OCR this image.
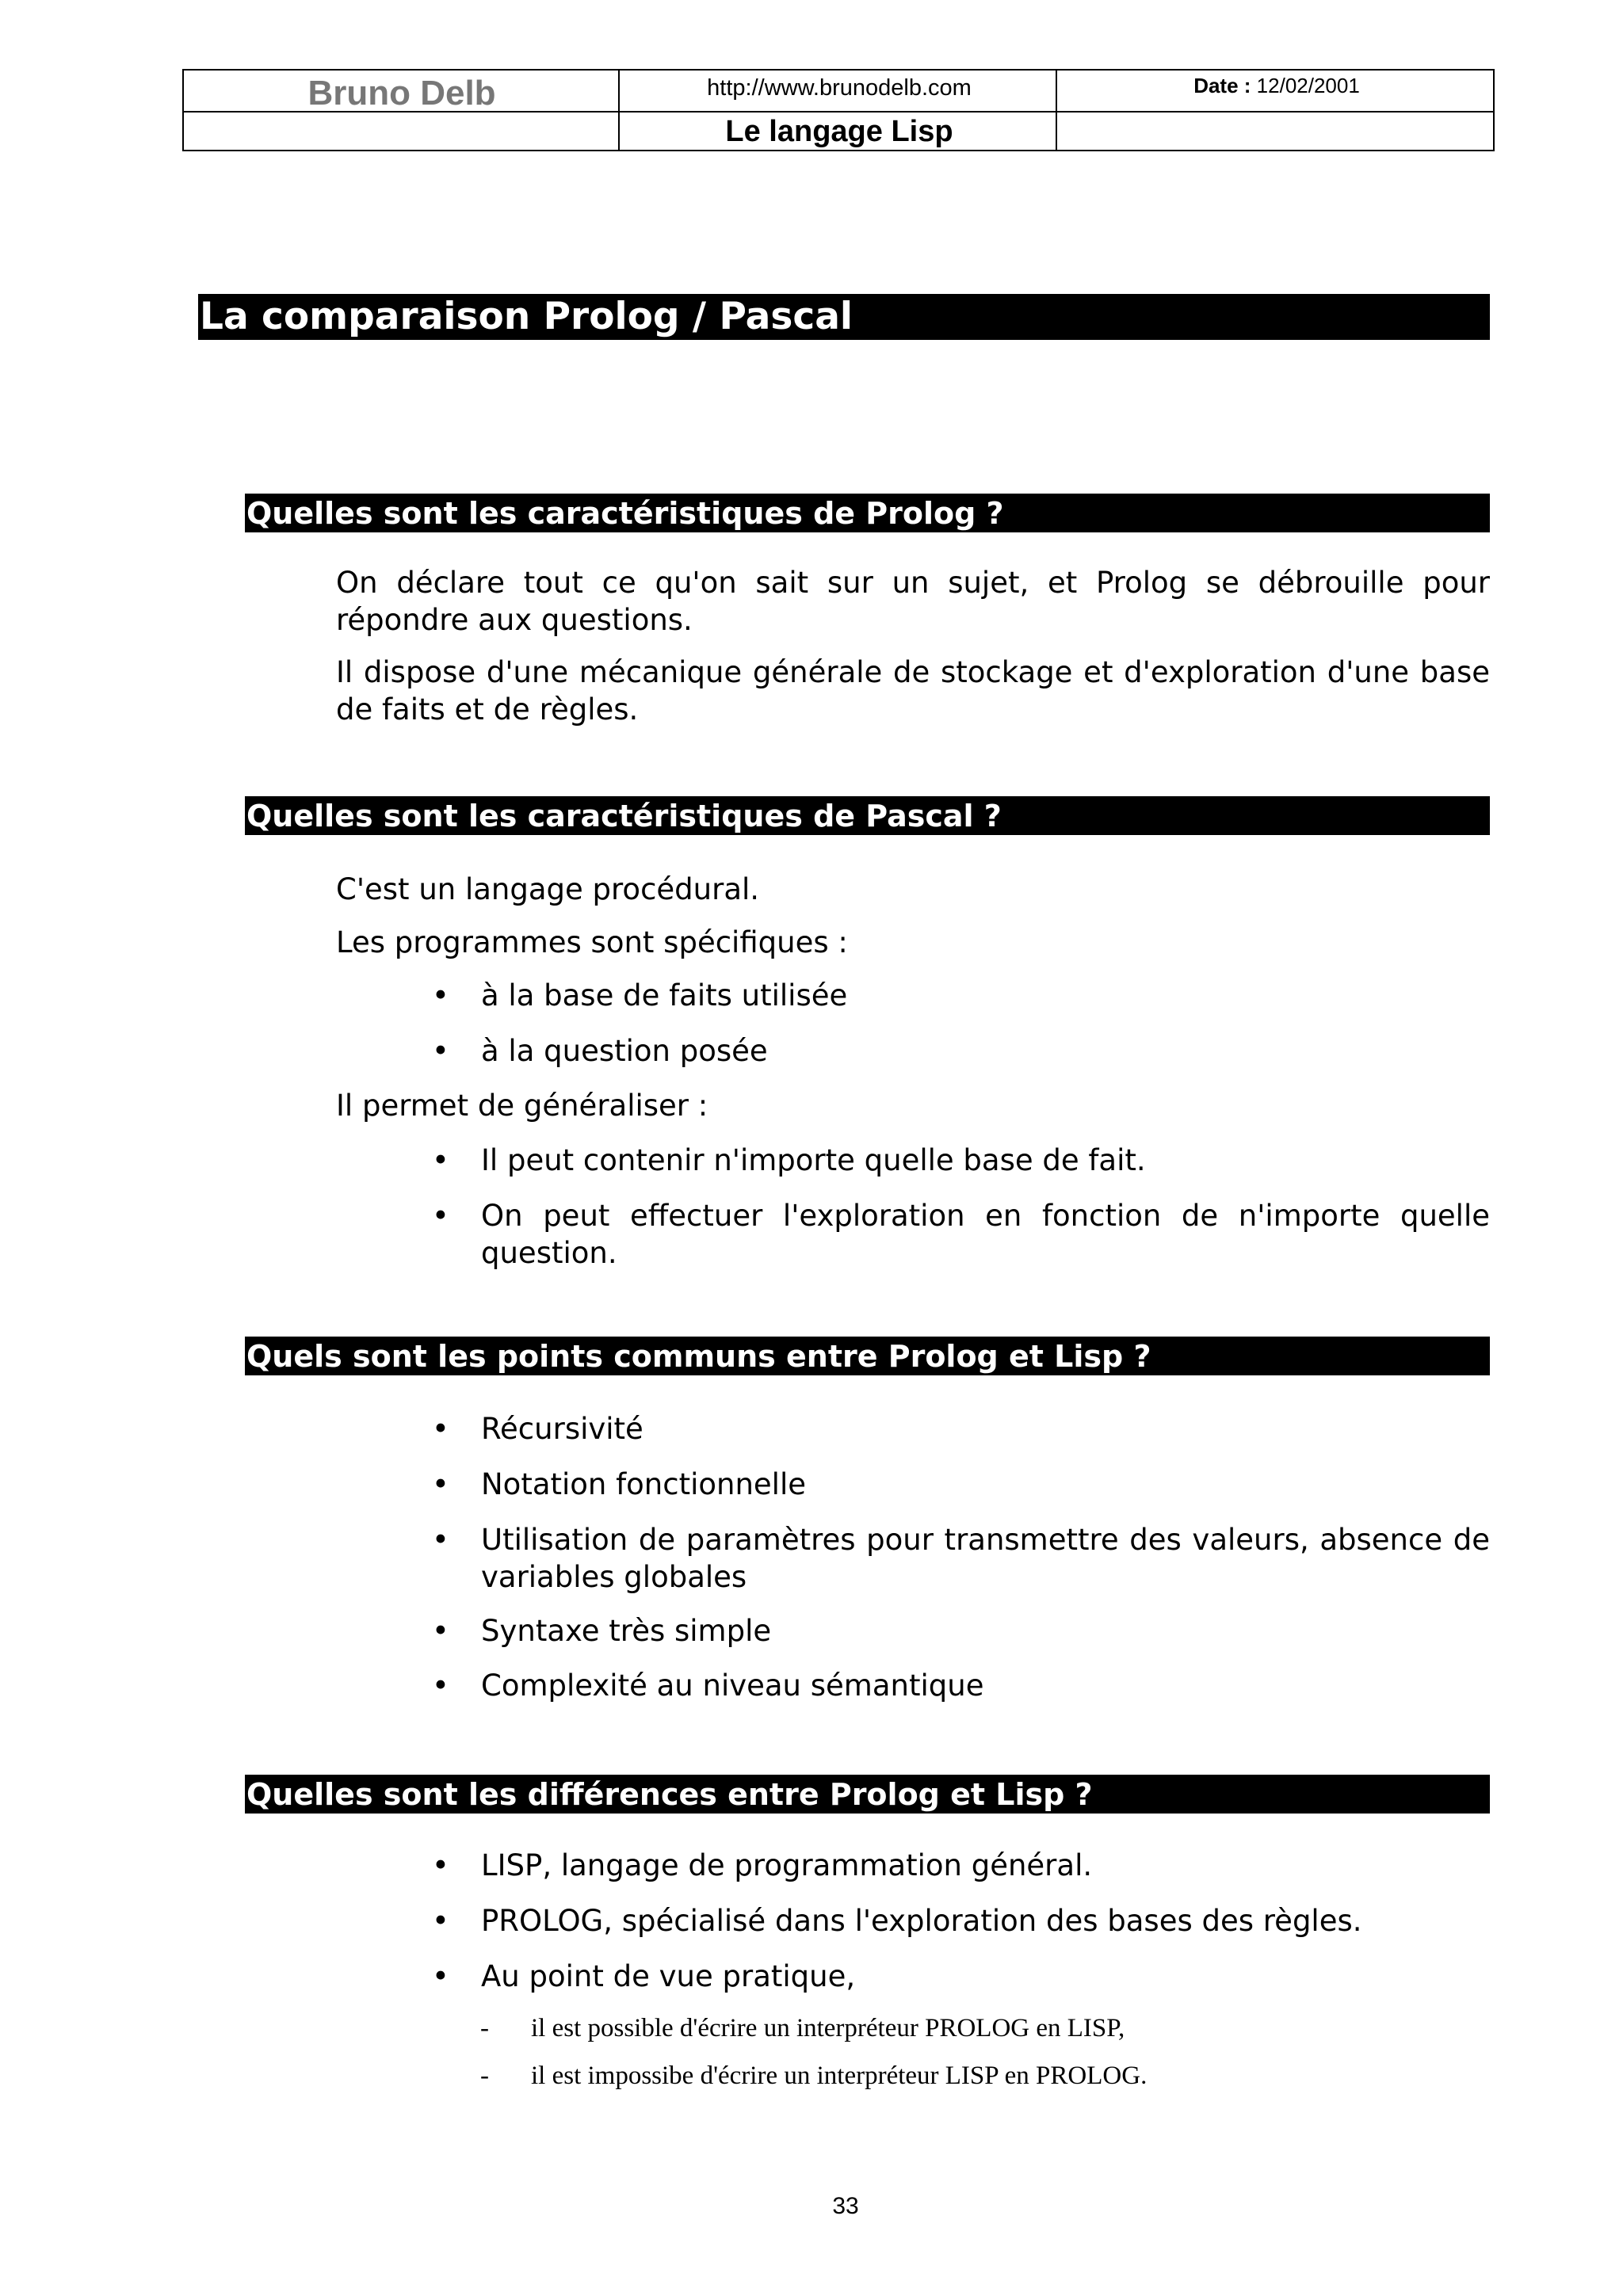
Bruno Delb	http://www.brunodelb.com
Le langage Lisp
Date : 12/02/2001
La comparaison Prolog / Pascal
Quelles sont les caractéristiques de Prolog ?
On déclare tout ce qu'on sait sur un sujet, et Prolog se débrouille pour répondre aux questions.
Il dispose d'une mécanique générale de stockage et d'exploration d'une base de faits et de règles.
Quelles sont les caractéristiques de Pascal ?
C'est un langage procédural.
Les programmes sont spécifiques :
• à la base de faits utilisée
• à la question posée
Il permet de généraliser :
• Il peut contenir n'importe quelle base de fait.
• On peut effectuer l'exploration en fonction de n'importe quelle question.
Quels sont les points communs entre Prolog et Lisp ?
• Récursivité
• Notation fonctionnelle
• Utilisation de paramètres pour transmettre des valeurs, absence de variables globales
• Syntaxe très simple
• Complexité au niveau sémantique
Quelles sont les différences entre Prolog et Lisp ?
• LISP, langage de programmation général.
• PROLOG, spécialisé dans l'exploration des bases des règles.
• Au point de vue pratique,
- il est possible d'écrire un interpréteur PROLOG en LISP,
- il est impossibe d'écrire un interpréteur LISP en PROLOG.
33
